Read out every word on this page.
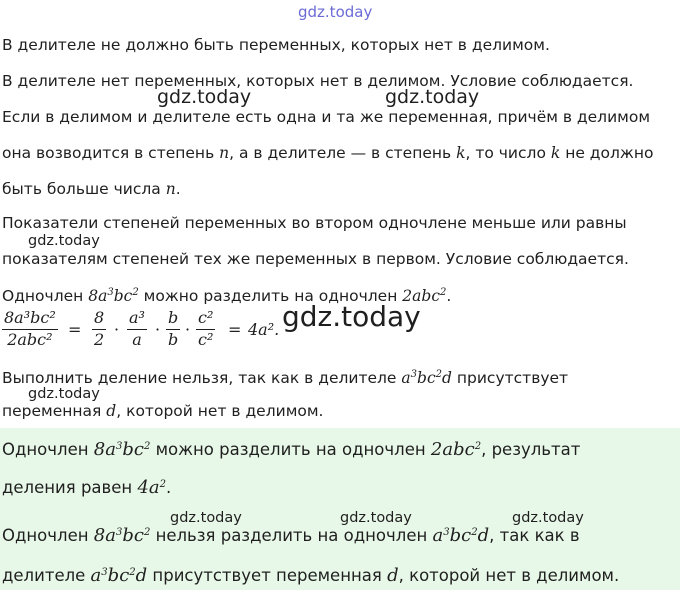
gdz.today
gdz.today	gdz.today
gdz.today
gdz.today
gdz.today
В делителе не должно быть переменных, которых нет в делимом.
В делителе нет переменных, которых нет в делимом. Условие соблюдается.
Если в делимом и делителе есть одна и та же переменная, причём в делимом
она возводится в степень n, а в делителе — в степень k, то число k не должно
быть больше числа n.
Показатели степеней переменных во втором одночлене меньше или равны
показателям степеней тех же переменных в первом. Условие соблюдается.
Одночлен $8a^3bc^2$ можно разделить на одночлен 2abc$^2$.
8a³bc²
2abc²
= $\frac{8}{2} \cdot \frac{\text{a³}}{a} \cdot \frac{b}{b} \cdot \frac{\text{c²}}{\text{c²}} = 4a^2$.
Выполнить деление нельзя, так как в делителе $a^3bc^2d$ присутствует
переменная d, которой нет в делимом.
Одночлен $8a^3bc^2$ можно разделить на одночлен 2abc$^2$, результат
деления равен $4a^2$.
gdz.today	gdz.today	gdz.today
Одночлен $8a^3bc^2$ нельзя разделить на одночлен $a^3bc^2d$, так как в
делителе $a^3bc^2d$ присутствует переменная d, которой нет в делимом.
